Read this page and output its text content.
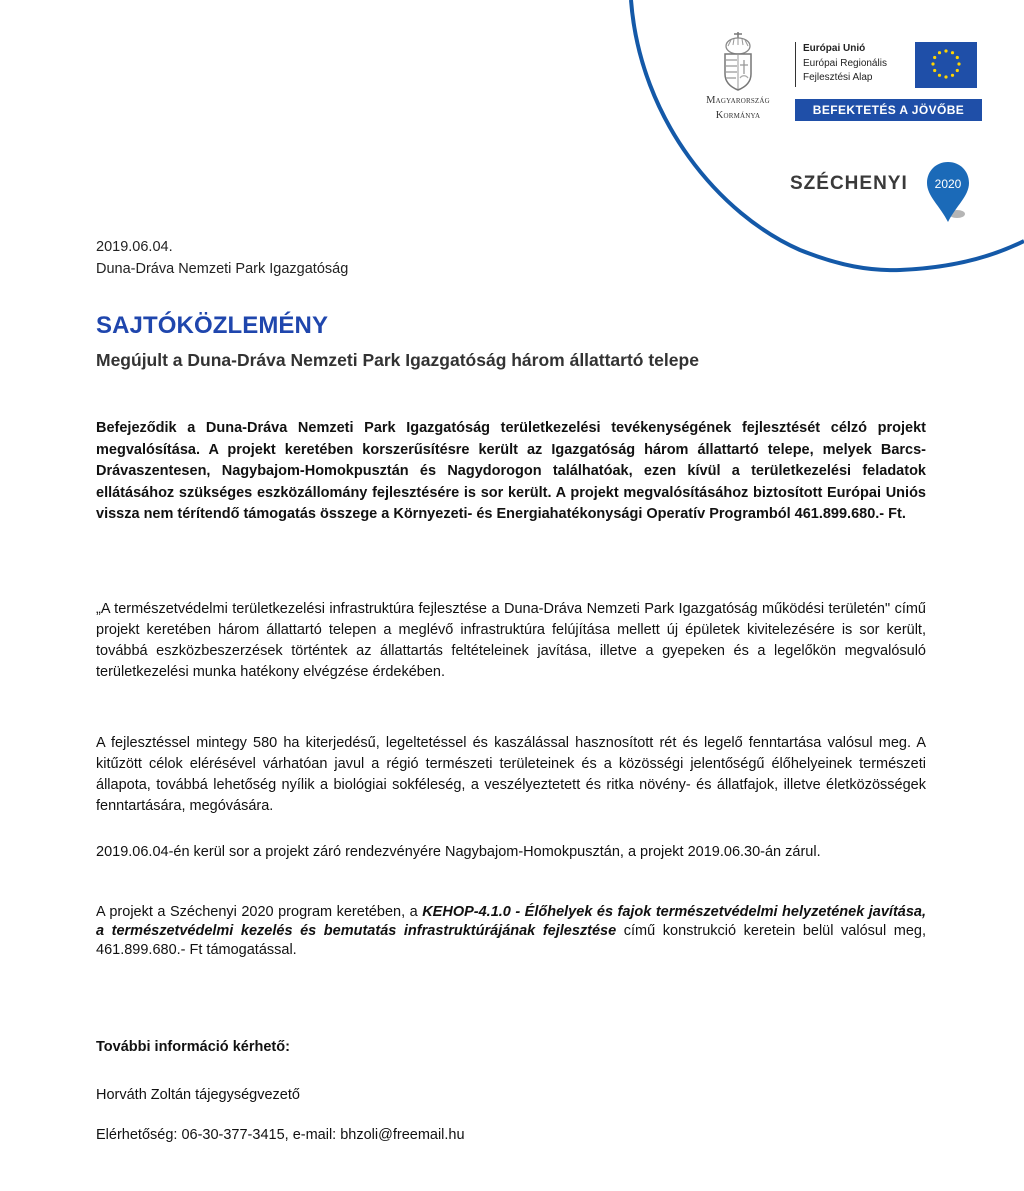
Magyarország
Kormánya
Európai Unió
Európai Regionális
Fejlesztési Alap
BEFEKTETÉS A JÖVŐBE
SZÉCHENYI 2020
2019.06.04.
Duna-Dráva Nemzeti Park Igazgatóság
SAJTÓKÖZLEMÉNY
Megújult a Duna-Dráva Nemzeti Park Igazgatóság három állattartó telepe
Befejeződik a Duna-Dráva Nemzeti Park Igazgatóság területkezelési tevékenységének fejlesztését célzó projekt megvalósítása. A projekt keretében korszerűsítésre került az Igazgatóság három állattartó telepe, melyek Barcs-Drávaszentesen, Nagybajom-Homokpusztán és Nagydorogon találhatóak, ezen kívül a területkezelési feladatok ellátásához szükséges eszközállomány fejlesztésére is sor került. A projekt megvalósításához biztosított Európai Uniós vissza nem térítendő támogatás összege a Környezeti- és Energiahatékonysági Operatív Programból 461.899.680.- Ft.
„A természetvédelmi területkezelési infrastruktúra fejlesztése a Duna-Dráva Nemzeti Park Igazgatóság működési területén" című projekt keretében három állattartó telepen a meglévő infrastruktúra felújítása mellett új épületek kivitelezésére is sor került, továbbá eszközbeszerzések történtek az állattartás feltételeinek javítása, illetve a gyepeken és a legelőkön megvalósuló területkezelési munka hatékony elvégzése érdekében.
A fejlesztéssel mintegy 580 ha kiterjedésű, legeltetéssel és kaszálással hasznosított rét és legelő fenntartása valósul meg. A kitűzött célok elérésével várhatóan javul a régió természeti területeinek és a közösségi jelentőségű élőhelyeinek természeti állapota, továbbá lehetőség nyílik a biológiai sokféleség, a veszélyeztetett és ritka növény- és állatfajok, illetve életközösségek fenntartására, megóvására.
2019.06.04-én kerül sor a projekt záró rendezvényére Nagybajom-Homokpusztán, a projekt 2019.06.30-án zárul.
A projekt a Széchenyi 2020 program keretében, a KEHOP-4.1.0 - Élőhelyek és fajok természetvédelmi helyzetének javítása, a természetvédelmi kezelés és bemutatás infrastruktúrájának fejlesztése című konstrukció keretein belül valósul meg, 461.899.680.- Ft támogatással.
További információ kérhető:
Horváth Zoltán tájegységvezető
Elérhetőség: 06-30-377-3415, e-mail: bhzoli@freemail.hu
